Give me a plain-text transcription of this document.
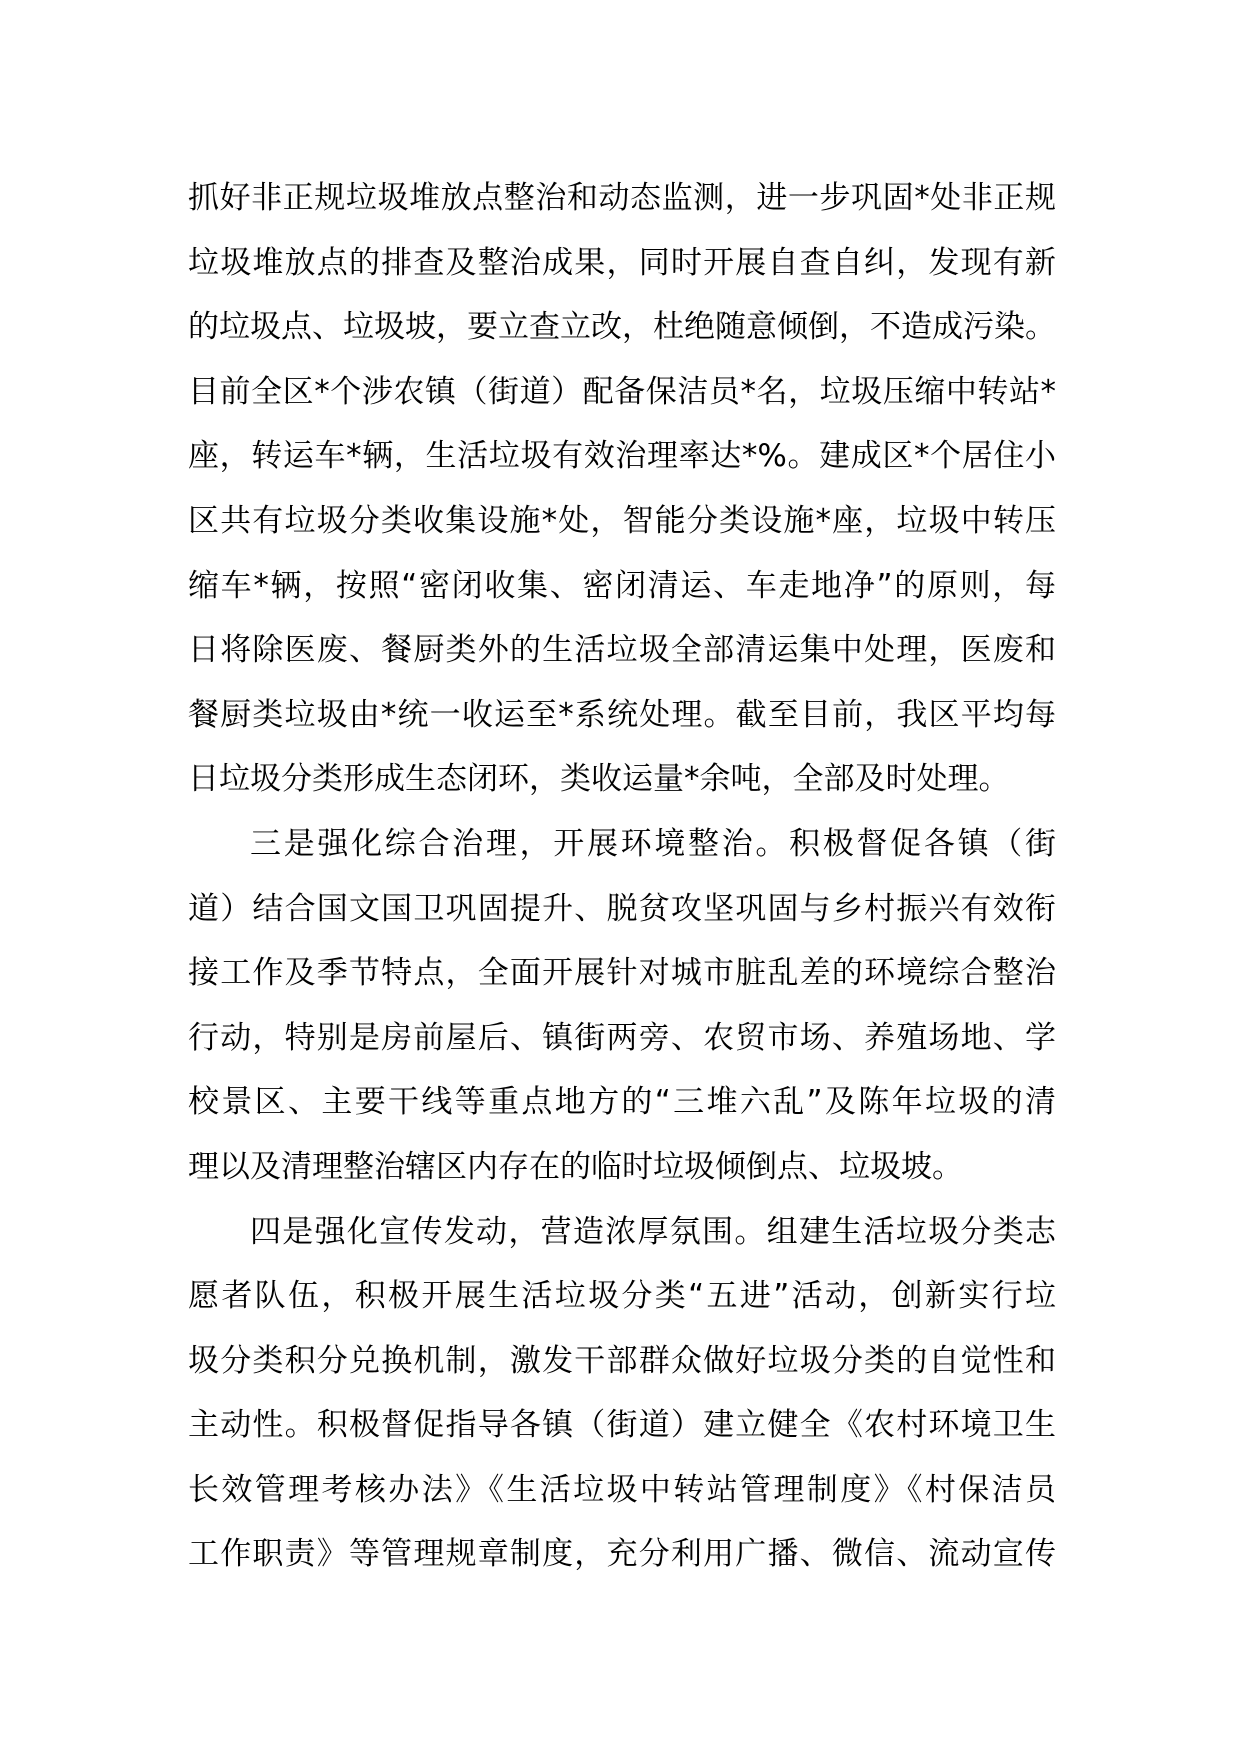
抓好非正规垃圾堆放点整治和动态监测，进一步巩固*处非正规
垃圾堆放点的排查及整治成果，同时开展自查自纠，发现有新
的垃圾点、垃圾坡，要立查立改，杜绝随意倾倒，不造成污染。
目前全区*个涉农镇（街道）配备保洁员*名，垃圾压缩中转站*
座，转运车*辆，生活垃圾有效治理率达*%。建成区*个居住小
区共有垃圾分类收集设施*处，智能分类设施*座，垃圾中转压
缩车*辆，按照“密闭收集、密闭清运、车走地净”的原则，每
日将除医废、餐厨类外的生活垃圾全部清运集中处理，医废和
餐厨类垃圾由*统一收运至*系统处理。截至目前，我区平均每
日垃圾分类形成生态闭环，类收运量*余吨，全部及时处理。
三是强化综合治理，开展环境整治。积极督促各镇（街
道）结合国文国卫巩固提升、脱贫攻坚巩固与乡村振兴有效衔
接工作及季节特点，全面开展针对城市脏乱差的环境综合整治
行动，特别是房前屋后、镇街两旁、农贸市场、养殖场地、学
校景区、主要干线等重点地方的“三堆六乱”及陈年垃圾的清
理以及清理整治辖区内存在的临时垃圾倾倒点、垃圾坡。
四是强化宣传发动，营造浓厚氛围。组建生活垃圾分类志
愿者队伍，积极开展生活垃圾分类“五进”活动，创新实行垃
圾分类积分兑换机制，激发干部群众做好垃圾分类的自觉性和
主动性。积极督促指导各镇（街道）建立健全《农村环境卫生
长效管理考核办法》《生活垃圾中转站管理制度》《村保洁员
工作职责》等管理规章制度，充分利用广播、微信、流动宣传
